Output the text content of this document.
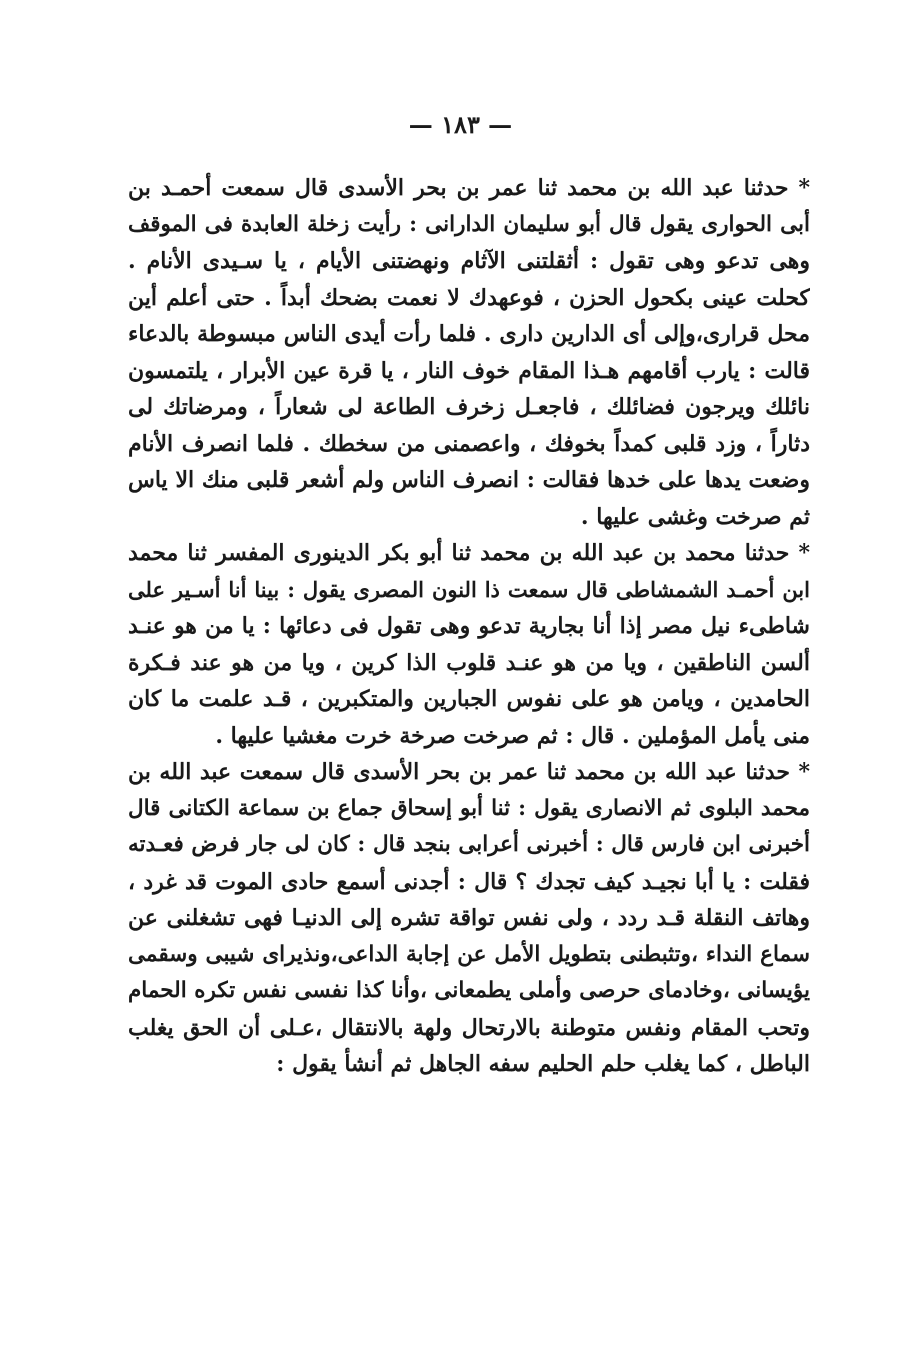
— ١٨٣ —
* حدثنا عبد الله بن محمد ثنا عمر بن بحر الأسدى قال سمعت أحمـد بن
أبى الحوارى يقول قال أبو سليمان الدارانى : رأيت زخلة العابدة فى الموقف
وهى تدعو وهى تقول : أثقلتنى الآثام ونهضتنى الأيام ، يا سـيدى الأنام .
كحلت عينى بكحول الحزن ، فوعهدك لا نعمت بضحك أبداً . حتى أعلم أين
محل قرارى،وإلى أى الدارين دارى . فلما رأت أيدى الناس مبسوطة بالدعاء
قالت : يارب أقامهم هـذا المقام خوف النار ، يا قرة عين الأبرار ، يلتمسون
نائلك ويرجون فضائلك ، فاجعـل زخرف الطاعة لى شعاراً ، ومرضاتك لى
دثاراً ، وزد قلبى كمداً بخوفك ، واعصمنى من سخطك . فلما انصرف الأنام
وضعت يدها على خدها فقالت : انصرف الناس ولم أشعر قلبى منك الا ياس
ثم صرخت وغشى عليها .
* حدثنا محمد بن عبد الله بن محمد ثنا أبو بكر الدينورى المفسر ثنا محمد
ابن أحمـد الشمشاطى قال سمعت ذا النون المصرى يقول : بينا أنا أسـير على
شاطىء نيل مصر إذا أنا بجارية تدعو وهى تقول فى دعائها : يا من هو عنـد
ألسن الناطقين ، ويا من هو عنـد قلوب الذا كرين ، ويا من هو عند فـكرة
الحامدين ، ويامن هو على نفوس الجبارين والمتكبرين ، قـد علمت ما كان
منى يأمل المؤملين . قال : ثم صرخت صرخة خرت مغشيا عليها .
* حدثنا عبد الله بن محمد ثنا عمر بن بحر الأسدى قال سمعت عبد الله بن
محمد البلوى ثم الانصارى يقول : ثنا أبو إسحاق جماع بن سماعة الكتانى قال
أخبرنى ابن فارس قال : أخبرنى أعرابى بنجد قال : كان لى جار فرض فعـدته
فقلت : يا أبا نجيـد كيف تجدك ؟ قال : أجدنى أسمع حادى الموت قد غرد ،
وهاتف النقلة قـد ردد ، ولى نفس تواقة تشره إلى الدنيـا فهى تشغلنى عن
سماع النداء ،وتثبطنى بتطويل الأمل عن إجابة الداعى،ونذيراى شيبى وسقمى
يؤيسانى ،وخادماى حرصى وأملى يطمعانى ،وأنا كذا نفسى نفس تكره الحمام
وتحب المقام ونفس متوطنة بالارتحال ولهة بالانتقال ،عـلى أن الحق يغلب
الباطل ، كما يغلب حلم الحليم سفه الجاهل ثم أنشأ يقول :
